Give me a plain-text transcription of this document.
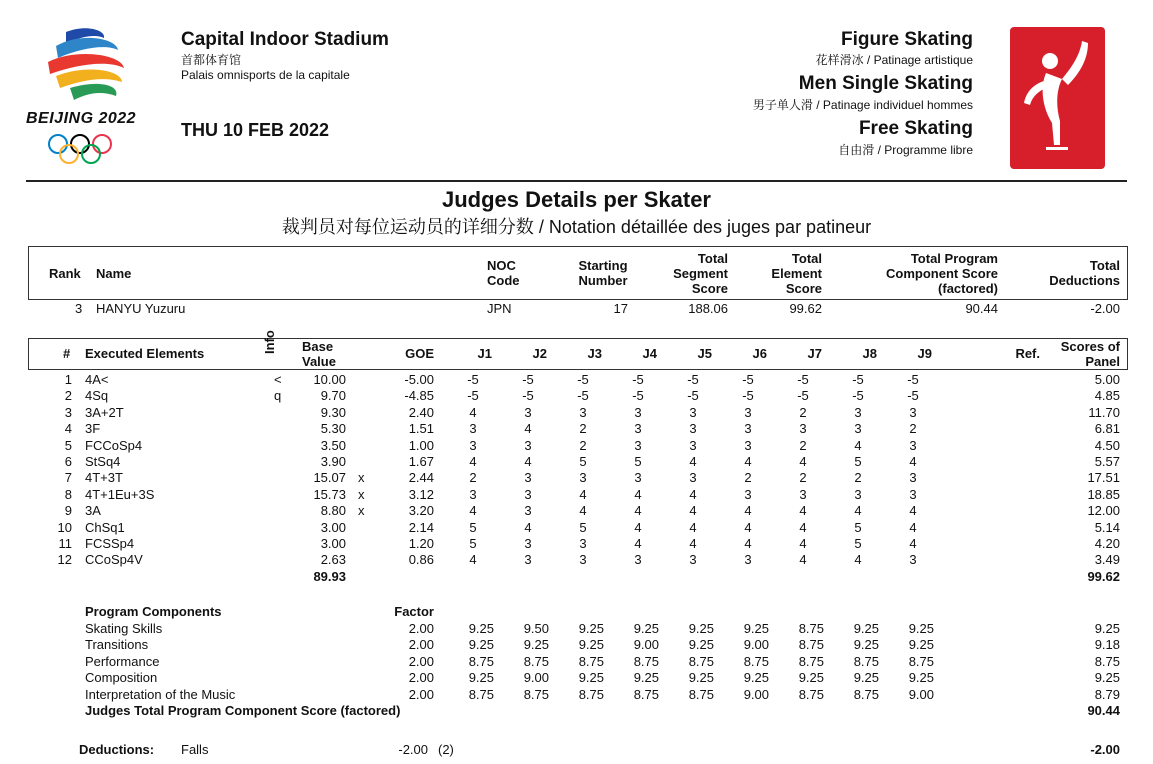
BEIJING 2022
Capital Indoor Stadium
首都体育馆
Palais omnisports de la capitale
THU 10 FEB 2022
Figure Skating
花样滑冰 / Patinage artistique
Men Single Skating
男子单人滑 / Patinage individuel hommes
Free Skating
自由滑 / Programme libre
Judges Details per Skater
裁判员对每位运动员的详细分数 / Notation détaillée des juges par patineur
Rank Name
NOC
Code
Starting
Number
Total
Segment
Score
Total
Element
Score
Total Program
Component Score
(factored)
Total
Deductions
3 HANYU Yuzuru	JPN	17	188.06	99.62	90.44	-2.00
# Executed Elements	Info Base
Value
GOE	J1	J2	J3	J4	J5	J6	J7	J8	J9	Ref.	Scores of
Panel
1 4A<	<	10.00	-5.00	-5	-5	-5	-5	-5	-5	-5	-5	-5	5.00
2 4Sq	q	9.70	-4.85	-5	-5	-5	-5	-5	-5	-5	-5	-5	4.85
3 3A+2T	9.30	2.40	4	3	3	3	3	3	2	3	3	11.70
4 3F	5.30	1.51	3	4	2	3	3	3	3	3	2	6.81
5 FCCoSp4	3.50	1.00	3	3	2	3	3	3	2	4	3	4.50
6 StSq4	3.90	1.67	4	4	5	5	4	4	4	5	4	5.57
7 4T+3T	15.07 x	2.44	2	3	3	3	3	2	2	2	3	17.51
8 4T+1Eu+3S	15.73 x	3.12	3	3	4	4	4	3	3	3	3	18.85
9 3A	8.80 x	3.20	4	3	4	4	4	4	4	4	4	12.00
10 ChSq1	3.00	2.14	5	4	5	4	4	4	4	5	4	5.14
11 FCSSp4	3.00	1.20	5	3	3	4	4	4	4	5	4	4.20
12 CCoSp4V	2.63	0.86	4	3	3	3	3	3	4	4	3	3.49
89.93	99.62
Program Components	Factor
Skating Skills	2.00	9.25	9.50	9.25	9.25	9.25	9.25	8.75	9.25	9.25	9.25
Transitions	2.00	9.25	9.25	9.25	9.00	9.25	9.00	8.75	9.25	9.25	9.18
Performance	2.00	8.75	8.75	8.75	8.75	8.75	8.75	8.75	8.75	8.75	8.75
Composition	2.00	9.25	9.00	9.25	9.25	9.25	9.25	9.25	9.25	9.25	9.25
Interpretation of the Music	2.00	8.75	8.75	8.75	8.75	8.75	9.00	8.75	8.75	9.00	8.79
Judges Total Program Component Score (factored)	90.44
Deductions: Falls	-2.00 (2)	-2.00
